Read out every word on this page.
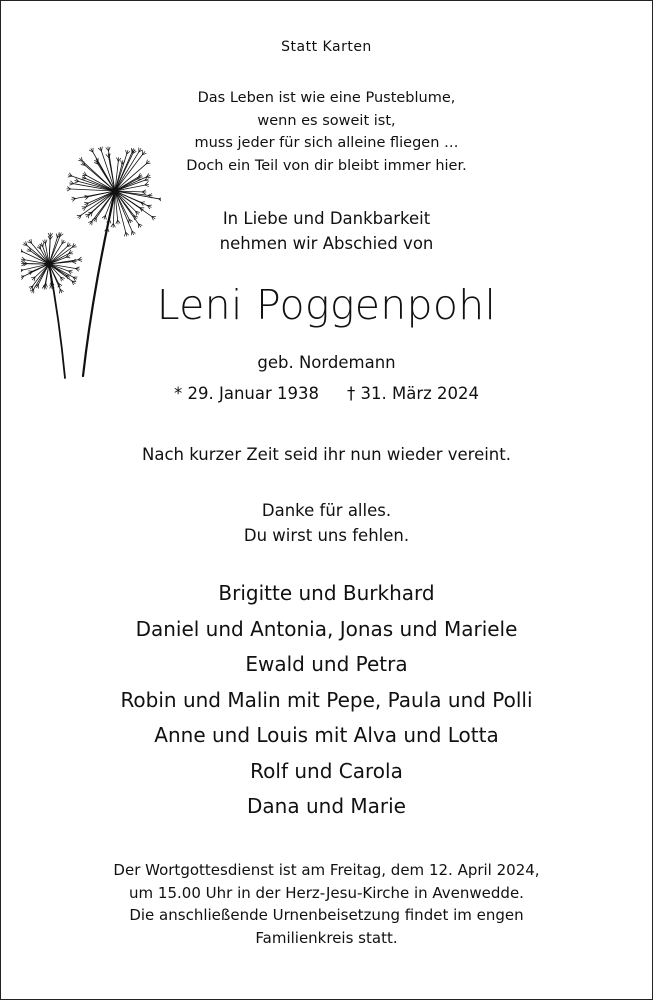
Statt Karten
Das Leben ist wie eine Pusteblume,
wenn es soweit ist,
muss jeder für sich alleine fliegen …
Doch ein Teil von dir bleibt immer hier.
In Liebe und Dankbarkeit
nehmen wir Abschied von
Leni Poggenpohl
geb. Nordemann
* 29. Januar 1938 † 31. März 2024
Nach kurzer Zeit seid ihr nun wieder vereint.
Danke für alles.
Du wirst uns fehlen.
Brigitte und Burkhard
Daniel und Antonia, Jonas und Mariele
Ewald und Petra
Robin und Malin mit Pepe, Paula und Polli
Anne und Louis mit Alva und Lotta
Rolf und Carola
Dana und Marie
Der Wortgottesdienst ist am Freitag, dem 12. April 2024,
um 15.00 Uhr in der Herz-Jesu-Kirche in Avenwedde.
Die anschließende Urnenbeisetzung findet im engen
Familienkreis statt.
